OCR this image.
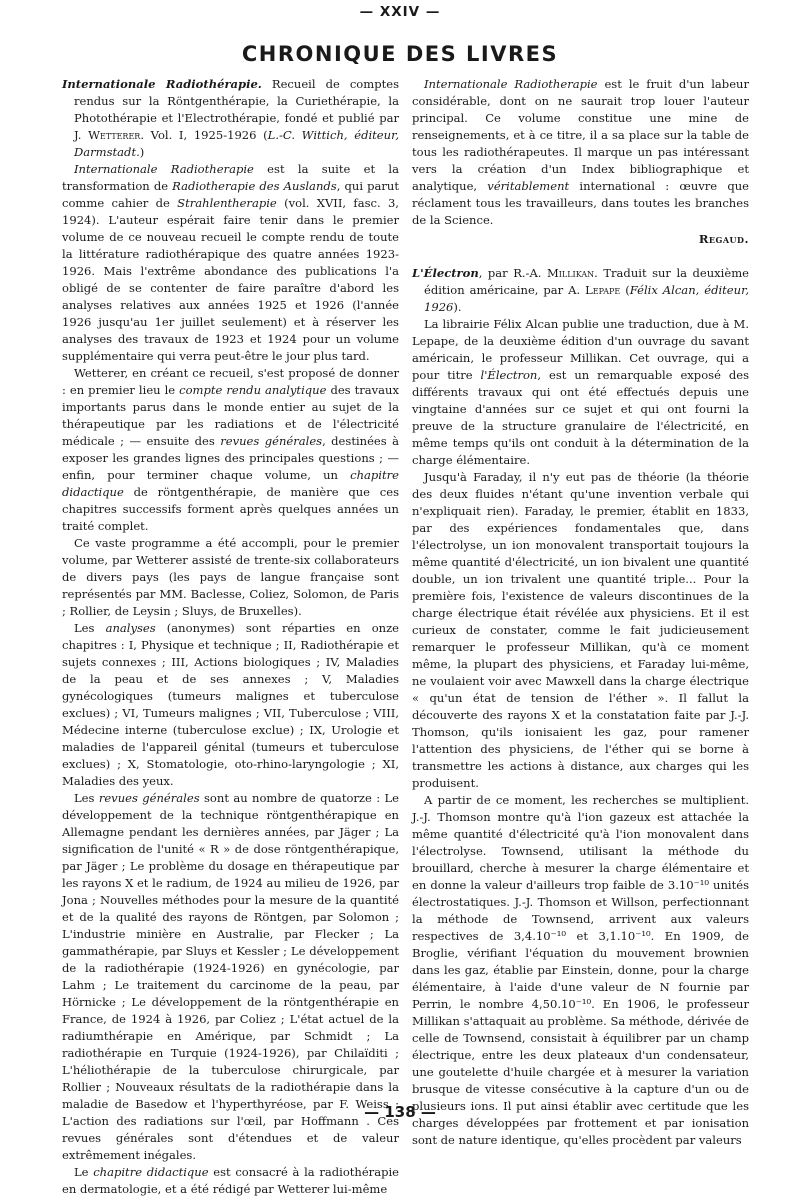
— XXIV —
CHRONIQUE DES LIVRES

Internationale Radiothérapie. Recueil de comptes rendus sur la Röntgenthérapie, la Curiethérapie, la Photothérapie et l'Electrothérapie, fondé et publié par J. Wetterer. Vol. I, 1925-1926 (L.-C. Wittich, éditeur, Darmstadt.)

Internationale Radiotherapie est la suite et la transformation de Radiotherapie des Auslands, qui parut comme cahier de Strahlentherapie (vol. XVII, fasc. 3, 1924). L'auteur espérait faire tenir dans le premier volume de ce nouveau recueil le compte rendu de toute la littérature radiothérapique des quatre années 1923-1926. Mais l'extrême abondance des publications l'a obligé de se contenter de faire paraître d'abord les analyses relatives aux années 1925 et 1926 (l'année 1926 jusqu'au 1er juillet seulement) et à réserver les analyses des travaux de 1923 et 1924 pour un volume supplémentaire qui verra peut-être le jour plus tard.

Wetterer, en créant ce recueil, s'est proposé de donner : en premier lieu le compte rendu analytique des travaux importants parus dans le monde entier au sujet de la thérapeutique par les radiations et de l'électricité médicale ; — ensuite des revues générales, destinées à exposer les grandes lignes des principales questions ; — enfin, pour terminer chaque volume, un chapitre didactique de röntgenthérapie, de manière que ces chapitres successifs forment après quelques années un traité complet.

Ce vaste programme a été accompli, pour le premier volume, par Wetterer assisté de trente-six collaborateurs de divers pays (les pays de langue française sont représentés par MM. Baclesse, Coliez, Solomon, de Paris ; Rollier, de Leysin ; Sluys, de Bruxelles).

Les analyses (anonymes) sont réparties en onze chapitres : I, Physique et technique ; II, Radiothérapie et sujets connexes ; III, Actions biologiques ; IV, Maladies de la peau et de ses annexes ; V, Maladies gynécologiques (tumeurs malignes et tuberculose exclues) ; VI, Tumeurs malignes ; VII, Tuberculose ; VIII, Médecine interne (tuberculose exclue) ; IX, Urologie et maladies de l'appareil génital (tumeurs et tuberculose exclues) ; X, Stomatologie, oto-rhino-laryngologie ; XI, Maladies des yeux.

Les revues générales sont au nombre de quatorze : Le développement de la technique röntgenthérapique en Allemagne pendant les dernières années, par Jäger ; La signification de l'unité « R » de dose röntgenthérapique, par Jäger ; Le problème du dosage en thérapeutique par les rayons X et le radium, de 1924 au milieu de 1926, par Jona ; Nouvelles méthodes pour la mesure de la quantité et de la qualité des rayons de Röntgen, par Solomon ; L'industrie minière en Australie, par Flecker ; La gammathérapie, par Sluys et Kessler ; Le développement de la radiothérapie (1924-1926) en gynécologie, par Lahm ; Le traitement du carcinome de la peau, par Hörnicke ; Le développement de la röntgenthérapie en France, de 1924 à 1926, par Coliez ; L'état actuel de la radiumthérapie en Amérique, par Schmidt ; La radiothérapie en Turquie (1924-1926), par Chilaïditi ; L'héliothérapie de la tuberculose chirurgicale, par Rollier ; Nouveaux résultats de la radiothérapie dans la maladie de Basedow et l'hyperthyréose, par F. Weiss ; L'action des radiations sur l'œil, par Hoffmann . Ces revues générales sont d'étendues et de valeur extrêmement inégales.

Le chapitre didactique est consacré à la radiothérapie en dermatologie, et a été rédigé par Wetterer lui-même

Internationale Radiotherapie est le fruit d'un labeur considérable, dont on ne saurait trop louer l'auteur principal. Ce volume constitue une mine de renseignements, et à ce titre, il a sa place sur la table de tous les radiothérapeutes. Il marque un pas intéressant vers la création d'un Index bibliographique et analytique, véritablement international : œuvre que réclament tous les travailleurs, dans toutes les branches de la Science.

Regaud.

L'Électron, par R.-A. Millikan. Traduit sur la deuxième édition américaine, par A. Lepape (Félix Alcan, éditeur, 1926).

La librairie Félix Alcan publie une traduction, due à M. Lepape, de la deuxième édition d'un ouvrage du savant américain, le professeur Millikan. Cet ouvrage, qui a pour titre l'Électron, est un remarquable exposé des différents travaux qui ont été effectués depuis une vingtaine d'années sur ce sujet et qui ont fourni la preuve de la structure granulaire de l'électricité, en même temps qu'ils ont conduit à la détermination de la charge élémentaire.

Jusqu'à Faraday, il n'y eut pas de théorie (la théorie des deux fluides n'étant qu'une invention verbale qui n'expliquait rien). Faraday, le premier, établit en 1833, par des expériences fondamentales que, dans l'électrolyse, un ion monovalent transportait toujours la même quantité d'électricité, un ion bivalent une quantité double, un ion trivalent une quantité triple... Pour la première fois, l'existence de valeurs discontinues de la charge électrique était révélée aux physiciens. Et il est curieux de constater, comme le fait judicieusement remarquer le professeur Millikan, qu'à ce moment même, la plupart des physiciens, et Faraday lui-même, ne voulaient voir avec Mawxell dans la charge électrique « qu'un état de tension de l'éther ». Il fallut la découverte des rayons X et la constatation faite par J.-J. Thomson, qu'ils ionisaient les gaz, pour ramener l'attention des physiciens, de l'éther qui se borne à transmettre les actions à distance, aux charges qui les produisent.

A partir de ce moment, les recherches se multiplient. J.-J. Thomson montre qu'à l'ion gazeux est attachée la même quantité d'électricité qu'à l'ion monovalent dans l'électrolyse. Townsend, utilisant la méthode du brouillard, cherche à mesurer la charge élémentaire et en donne la valeur d'ailleurs trop faible de 3.10⁻¹⁰ unités électrostatiques. J.-J. Thomson et Willson, perfectionnant la méthode de Townsend, arrivent aux valeurs respectives de 3,4.10⁻¹⁰ et 3,1.10⁻¹⁰. En 1909, de Broglie, vérifiant l'équation du mouvement brownien dans les gaz, établie par Einstein, donne, pour la charge élémentaire, à l'aide d'une valeur de N fournie par Perrin, le nombre 4,50.10⁻¹⁰. En 1906, le professeur Millikan s'attaquait au problème. Sa méthode, dérivée de celle de Townsend, consistait à équilibrer par un champ électrique, entre les deux plateaux d'un condensateur, une goutelette d'huile chargée et à mesurer la variation brusque de vitesse consécutive à la capture d'un ou de plusieurs ions. Il put ainsi établir avec certitude que les charges développées par frottement et par ionisation sont de nature identique, qu'elles procèdent par valeurs

— 138 —
